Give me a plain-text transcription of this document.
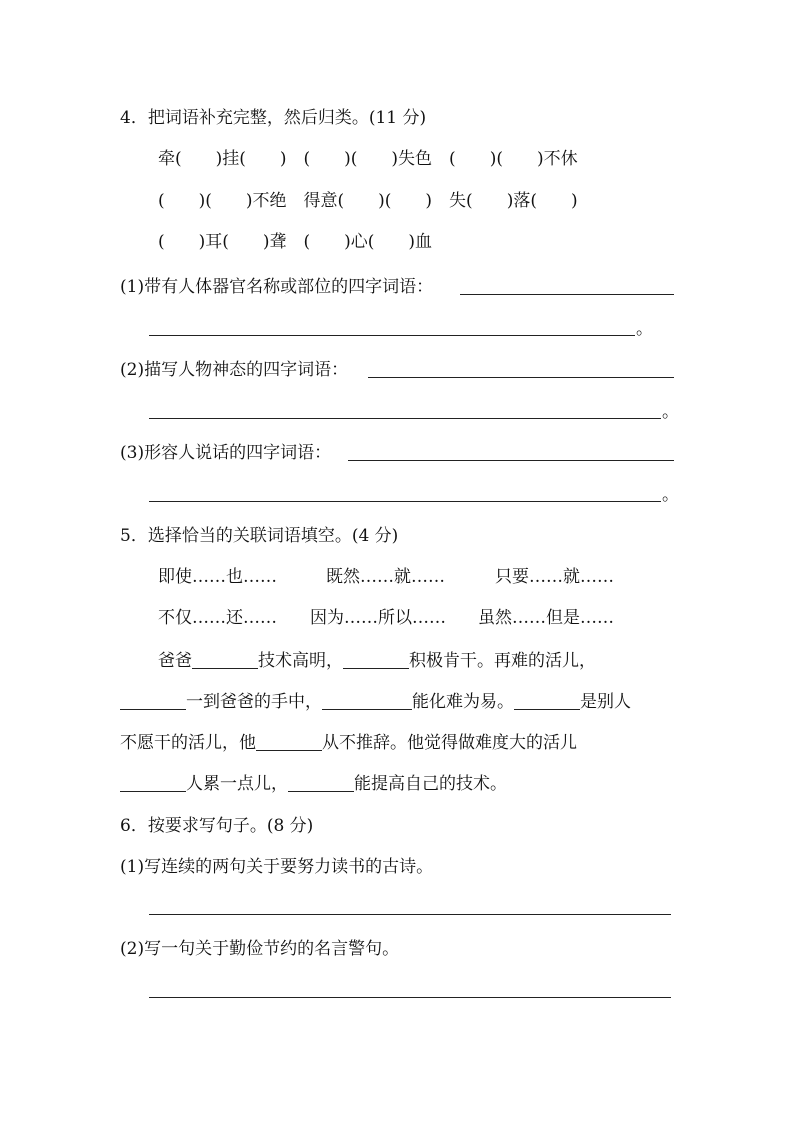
4．把词语补充完整，然后归类。(11 分)
牵(　　)挂(　　)　(　　)(　　)失色　(　　)(　　)不休
(　　)(　　)不绝　得意(　　)(　　)　失(　　)落(　　)
(　　)耳(　　)聋　(　　)心(　　)血
(1)带有人体器官名称或部位的四字词语：
。
(2)描写人物神态的四字词语：
。
(3)形容人说话的四字词语：
。
5．选择恰当的关联词语填空。(4 分)
即使……也……	既然……就……	只要……就……
不仅……还…… 因为……所以…… 虽然……但是……
爸爸	技术高明，	积极肯干。再难的活儿，
一到爸爸的手中，	能化难为易。	是别人
不愿干的活儿，他	从不推辞。他觉得做难度大的活儿
人累一点儿，	能提高自己的技术。
6．按要求写句子。(8 分)
(1)写连续的两句关于要努力读书的古诗。
(2)写一句关于勤俭节约的名言警句。
